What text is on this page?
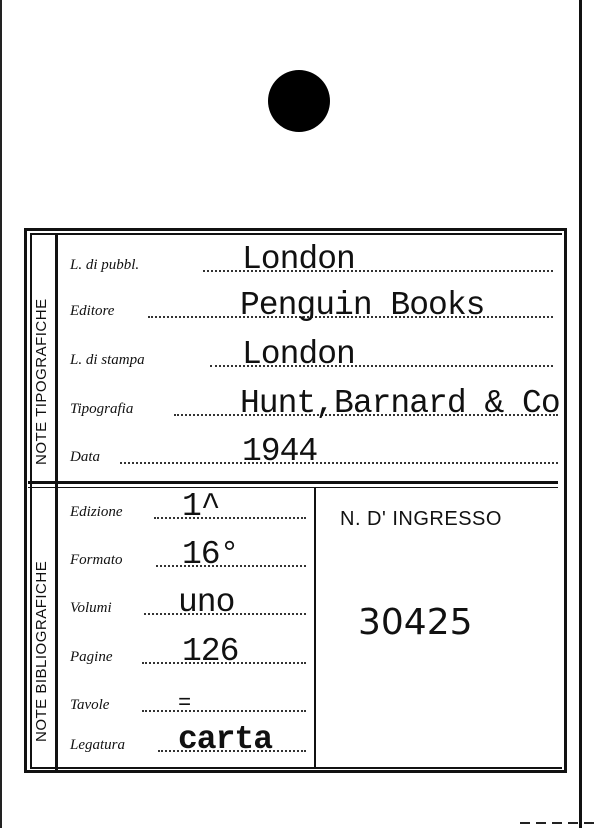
NOTE TIPOGRAFICHE
NOTE BIBLIOGRAFICHE
L. di pubbl.	London
Editore	Penguin Books
L. di stampa	London
Tipografia	Hunt,Barnard & Co
Data	1944
Edizione 1^
Formato 16°
Volumi uno
Pagine 126
Tavole	=
Legatura carta
N. D' INGRESSO
30425
